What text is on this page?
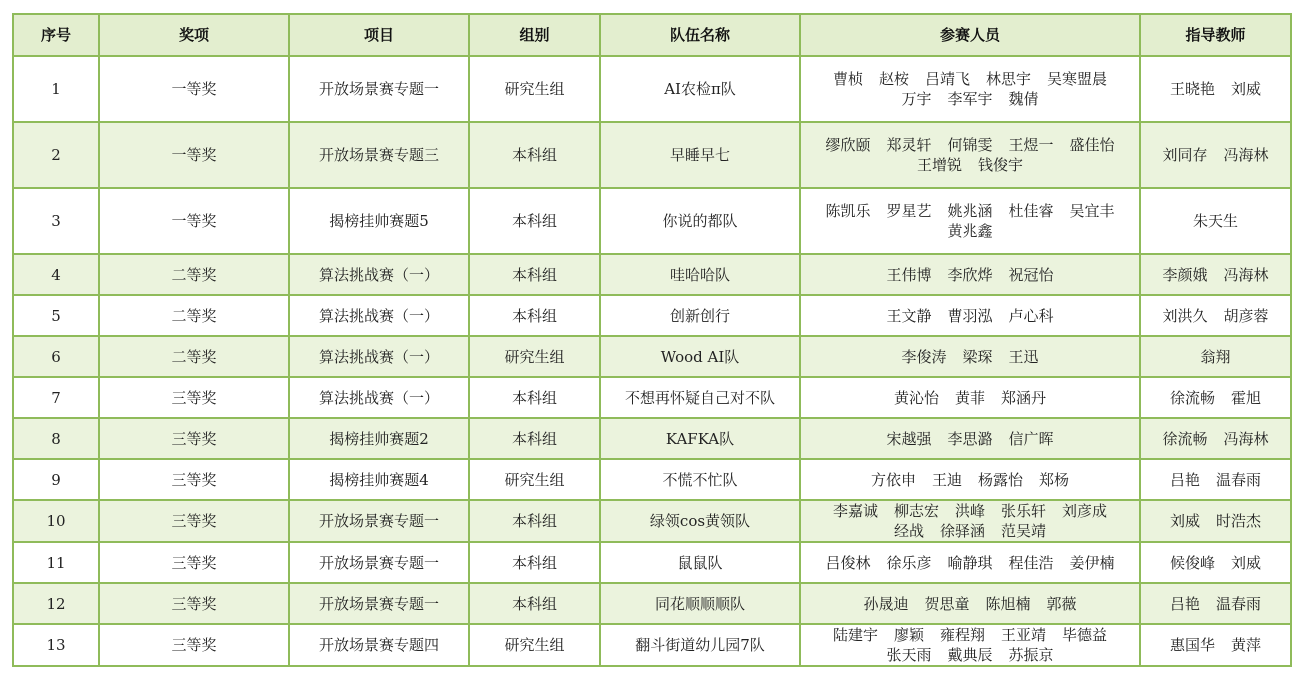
序号	奖项	项目	组别	队伍名称	参赛人员	指导教师
1	一等奖	开放场景赛专题一	研究生组	AI农检π队	曹桢 赵桉 吕靖飞 林思宇 吴寒盟晨万宇 李军宇 魏倩	王晓艳 刘威
2	一等奖	开放场景赛专题三	本科组	早睡早七	缪欣颐 郑灵轩 何锦雯 王煜一 盛佳怡王增锐 钱俊宇	刘同存 冯海林
3	一等奖	揭榜挂帅赛题5	本科组	你说的都队	陈凯乐 罗星艺 姚兆涵 杜佳睿 吴宜丰黄兆鑫	朱天生
4	二等奖	算法挑战赛（一）	本科组	哇哈哈队	王伟博 李欣烨 祝冠怡	李颜娥 冯海林
5	二等奖	算法挑战赛（一）	本科组	创新创行	王文静 曹羽泓 卢心科	刘洪久 胡彦蓉
6	二等奖	算法挑战赛（一）	研究生组	Wood AI队	李俊涛 梁琛 王迅	翁翔
7	三等奖	算法挑战赛（一）	本科组	不想再怀疑自己对不队	黄沁怡 黄菲 郑涵丹	徐流畅 霍旭
8	三等奖	揭榜挂帅赛题2	本科组	KAFKA队	宋越强 李思潞 信广晖	徐流畅 冯海林
9	三等奖	揭榜挂帅赛题4	研究生组	不慌不忙队	方依申 王迪 杨露怡 郑杨	吕艳 温春雨
10	三等奖	开放场景赛专题一	本科组	绿领cos黄领队	李嘉诚 柳志宏 洪峰 张乐轩 刘彦成经战 徐驿涵 范吴靖	刘威 时浩杰
11	三等奖	开放场景赛专题一	本科组	鼠鼠队	吕俊林 徐乐彦 喻静琪 程佳浩 姜伊楠	候俊峰 刘威
12	三等奖	开放场景赛专题一	本科组	同花顺顺顺队	孙晟迪 贺思童 陈旭楠 郭薇	吕艳 温春雨
13	三等奖	开放场景赛专题四	研究生组	翻斗街道幼儿园7队	陆建宇 廖颖 雍程翔 王亚靖 毕德益张天雨 戴典辰 苏振京	惠国华 黄萍
